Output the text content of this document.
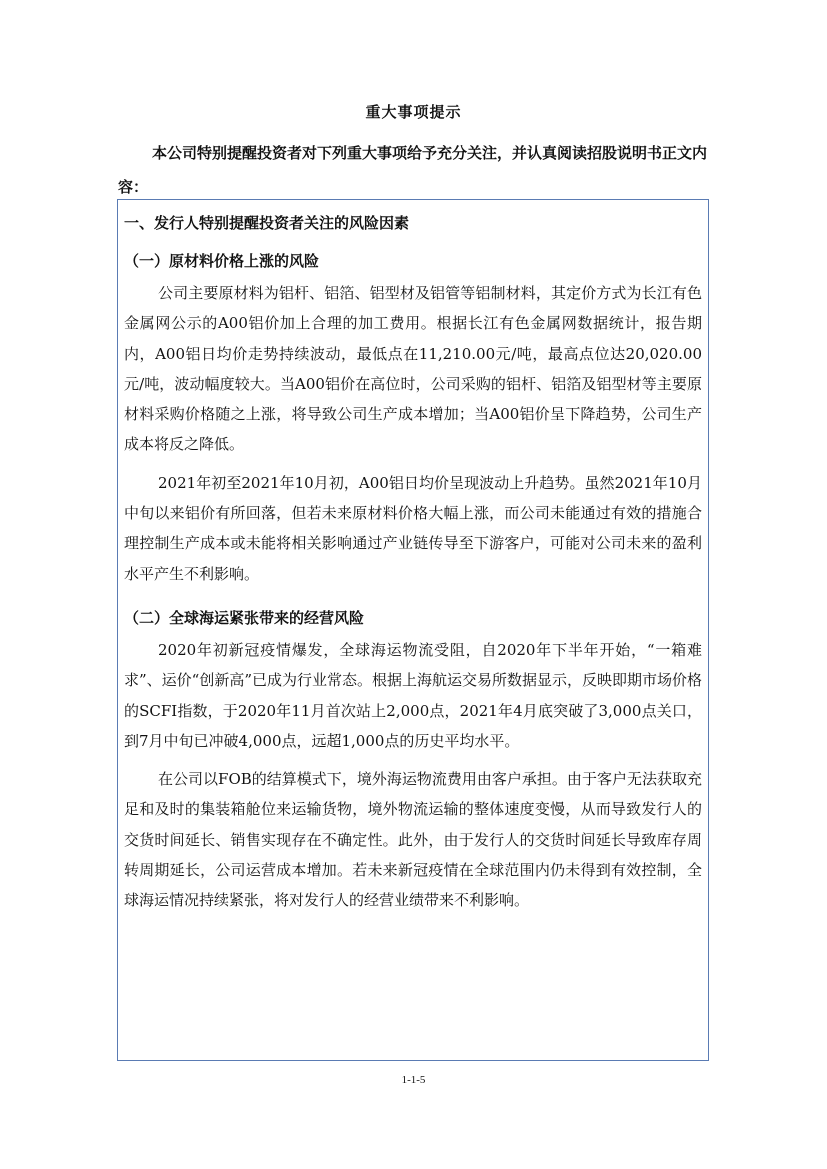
重大事项提示
本公司特别提醒投资者对下列重大事项给予充分关注，并认真阅读招股说明书正文内容：
一、发行人特别提醒投资者关注的风险因素
（一）原材料价格上涨的风险

公司主要原材料为铝杆、铝箔、铝型材及铝管等铝制材料，其定价方式为长江有色金属网公示的A00铝价加上合理的加工费用。根据长江有色金属网数据统计，报告期内，A00铝日均价走势持续波动，最低点在11,210.00元/吨，最高点位达20,020.00元/吨，波动幅度较大。当A00铝价在高位时，公司采购的铝杆、铝箔及铝型材等主要原材料采购价格随之上涨，将导致公司生产成本增加；当A00铝价呈下降趋势，公司生产成本将反之降低。

2021年初至2021年10月初，A00铝日均价呈现波动上升趋势。虽然2021年10月中旬以来铝价有所回落，但若未来原材料价格大幅上涨，而公司未能通过有效的措施合理控制生产成本或未能将相关影响通过产业链传导至下游客户，可能对公司未来的盈利水平产生不利影响。

（二）全球海运紧张带来的经营风险

2020年初新冠疫情爆发，全球海运物流受阻，自2020年下半年开始，“一箱难求”、运价“创新高”已成为行业常态。根据上海航运交易所数据显示，反映即期市场价格的SCFI指数，于2020年11月首次站上2,000点，2021年4月底突破了3,000点关口，到7月中旬已冲破4,000点，远超1,000点的历史平均水平。

在公司以FOB的结算模式下，境外海运物流费用由客户承担。由于客户无法获取充足和及时的集装箱舱位来运输货物，境外物流运输的整体速度变慢，从而导致发行人的交货时间延长、销售实现存在不确定性。此外，由于发行人的交货时间延长导致库存周转周期延长，公司运营成本增加。若未来新冠疫情在全球范围内仍未得到有效控制，全球海运情况持续紧张，将对发行人的经营业绩带来不利影响。

1-1-5
